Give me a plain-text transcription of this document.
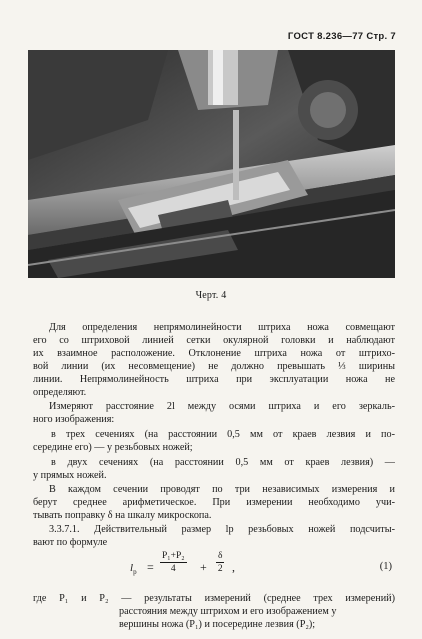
ГОСТ 8.236—77 Стр. 7
Черт. 4
Для определения непрямолинейности штриха ножа совмещают
его со штриховой линией сетки окулярной головки и наблюдают
их взаимное расположение. Отклонение штриха ножа от штрихо-
вой линии (их несовмещение) не должно превышать ⅓ ширины
линии. Непрямолинейность штриха при эксплуатации ножа не
определяют.
Измеряют расстояние 2l между осями штриха и его зеркаль-
ного изображения:
в трех сечениях (на расстоянии 0,5 мм от краев лезвия и по-
середине его) — у резьбовых ножей;
в двух сечениях (на расстоянии 0,5 мм от краев лезвия) —
у прямых ножей.
В каждом сечении проводят по три независимых измерения и
берут среднее арифметическое. При измерении необходимо учи-
тывать поправку δ на шкалу микроскопа.
3.3.7.1. Действительный размер lр резьбовых ножей подсчиты-
вают по формуле
$l_p = \frac{\text{P₁+P₂}}{4} + \frac{\delta}{2}$ ,	(1)
где P₁ и P₂ — результаты измерений (среднее трех измерений)
расстояния между штрихом и его изображением у
вершины ножа (P₁) и посередине лезвия (P₂);
